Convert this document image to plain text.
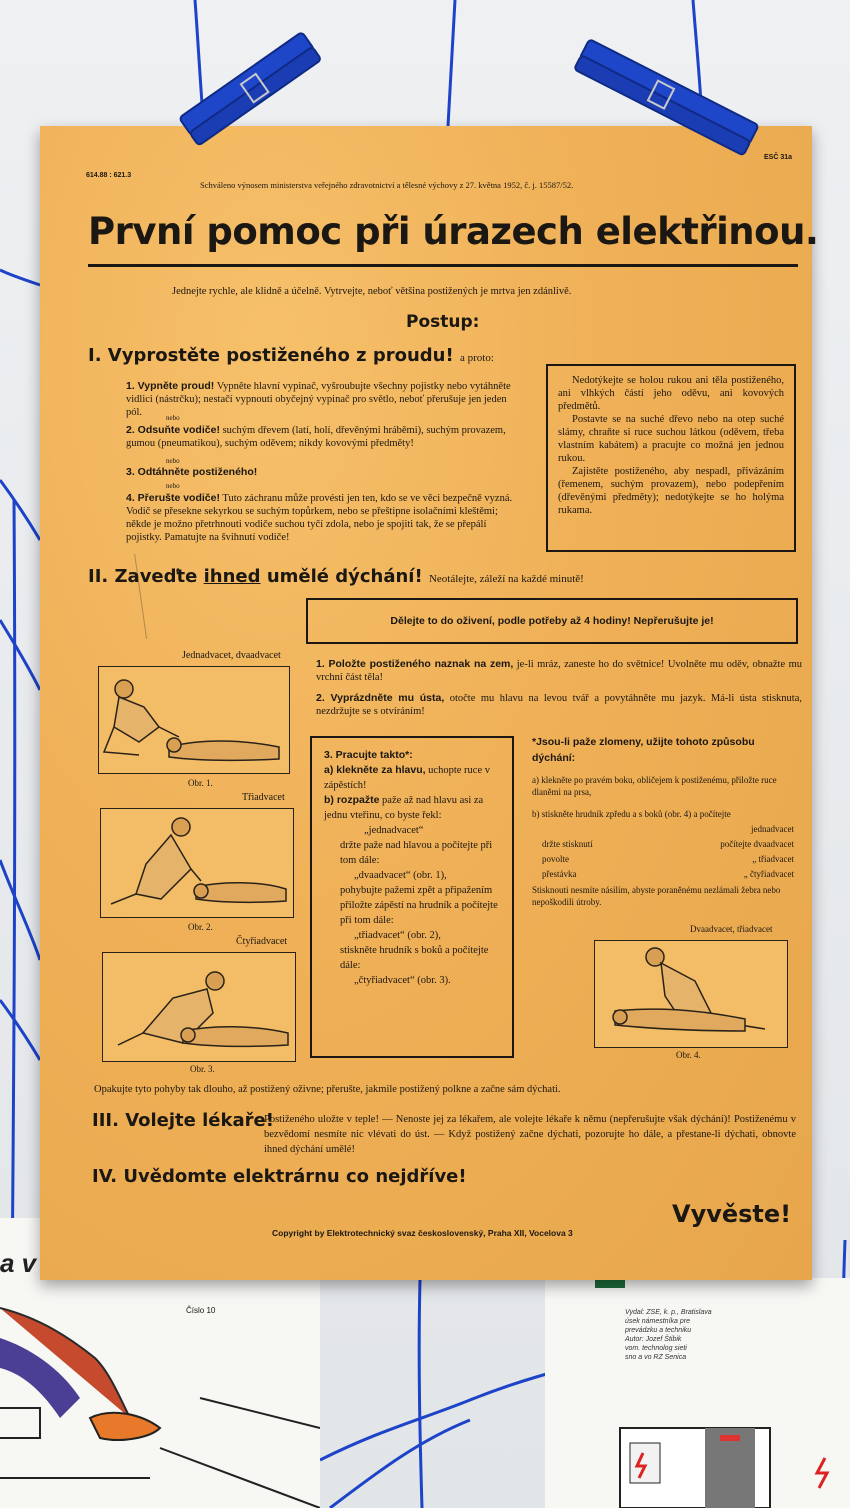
a v
Číslo 10	Vydal: ZSE, k. p., Bratislava
úsek námestníka pre
prevádzku a techniku
Autor: Jozef Štibik
vom. technolog sieti
sno a vo RZ Senica
614.88 : 621.3
ESČ 31a
Schváleno výnosem ministerstva veřejného zdravotnictví a tělesné výchovy z 27. května 1952, č. j. 15587/52.
První pomoc při úrazech elektřinou.
Jednejte rychle, ale klidně a účelně. Vytrvejte, neboť většina postižených je mrtva jen zdánlivě.
Postup:
I. Vyprostěte postiženého z proudu! a proto:
1. Vypněte proud! Vypněte hlavní vypinač, vyšroubujte všechny pojistky nebo vytáhněte vidlici (nástrčku); nestačí vypnouti obyčejný vypinač pro světlo, neboť přerušuje jen jeden pól.	nebo
2. Odsuňte vodiče! suchým dřevem (latí, holí, dřevěnými hráběmi), suchým provazem, gumou (pneumatikou), suchým oděvem; nikdy kovovými předměty!
nebo
3. Odtáhněte postiženého!
nebo
4. Přerušte vodiče! Tuto záchranu může provésti jen ten, kdo se ve věci bezpečně vyzná. Vodič se přesekne sekyrkou se suchým topůrkem, nebo se přeštipne isolačními kleštěmi; někde je možno přetrhnouti vodiče suchou tyčí zdola, nebo je spojiti tak, že se přepálí pojistky. Pamatujte na švihnutí vodiče!
Nedotýkejte se holou rukou ani těla postiženého, ani vlhkých částí jeho oděvu, ani kovových předmětů.
Postavte se na suché dřevo nebo na otep suché slámy, chraňte si ruce suchou látkou (oděvem, třeba vlastním kabátem) a pracujte co možná jen jednou rukou.
Zajistěte postiženého, aby nespadl, přivázáním (řemenem, suchým provazem), nebo podepřením (dřevěnými předměty); nedotýkejte se ho holýma rukama.
II. Zaveďte ihned umělé dýchání! Neotálejte, záleží na každé minutě!
Dělejte to do oživení, podle potřeby až 4 hodiny! Nepřerušujte je!
1. Položte postiženého naznak na zem, je-li mráz, zaneste ho do světnice! Uvolněte mu oděv, obnažte mu vrchní část těla!
2. Vyprázdněte mu ústa, otočte mu hlavu na levou tvář a povytáhněte mu jazyk. Má-li ústa stisknuta, nezdržujte se s otvíráním!
Jednadvacet, dvaadvacet
Obr. 1.
Třiadvacet
Obr. 2.
Čtyřiadvacet
Obr. 3.
3. Pracujte takto*:
a) klekněte za hlavu, uchopte ruce v zápěstích!
b) rozpažte paže až nad hlavu asi za jednu vteřinu, co byste řekl:
„jednadvacet“
držte paže nad hlavou a počítejte při tom dále:
„dvaadvacet“ (obr. 1),
pohybujte pažemi zpět a připažením přiložte zápěstí na hrudník a počítejte při tom dále:
„třiadvacet“ (obr. 2),
stiskněte hrudník s boků a počítejte dále:
„čtyřiadvacet“ (obr. 3).
*Jsou-li paže zlomeny, užijte tohoto způsobu dýchání:
a) klekněte po pravém boku, obličejem k postiženému, přiložte ruce dlaněmi na prsa,
b) stiskněte hrudník zpředu a s boků (obr. 4) a počítejte
jednadvacet
držte stisknutí	počítejte dvaadvacet
povolte	„ třiadvacet
přestávka	„ čtyřiadvacet
Stisknouti nesmíte násilím, abyste poraněnému nezlámali žebra nebo nepoškodili útroby.
Dvaadvacet, třiadvacet
Obr. 4.
Opakujte tyto pohyby tak dlouho, až postižený oživne; přerušte, jakmile postižený polkne a začne sám dýchati.
III. Volejte lékaře!
Postiženého uložte v teple! — Nenoste jej za lékařem, ale volejte lékaře k němu (nepřerušujte však dýchání)! Postiženému v bezvědomí nesmíte nic vlévati do úst. — Když postižený začne dýchati, pozorujte ho dále, a přestane-li dýchati, obnovte ihned dýchání umělé!
IV. Uvědomte elektrárnu co nejdříve!
Vyvěste!
Copyright by Elektrotechnický svaz československý, Praha XII, Vocelova 3
